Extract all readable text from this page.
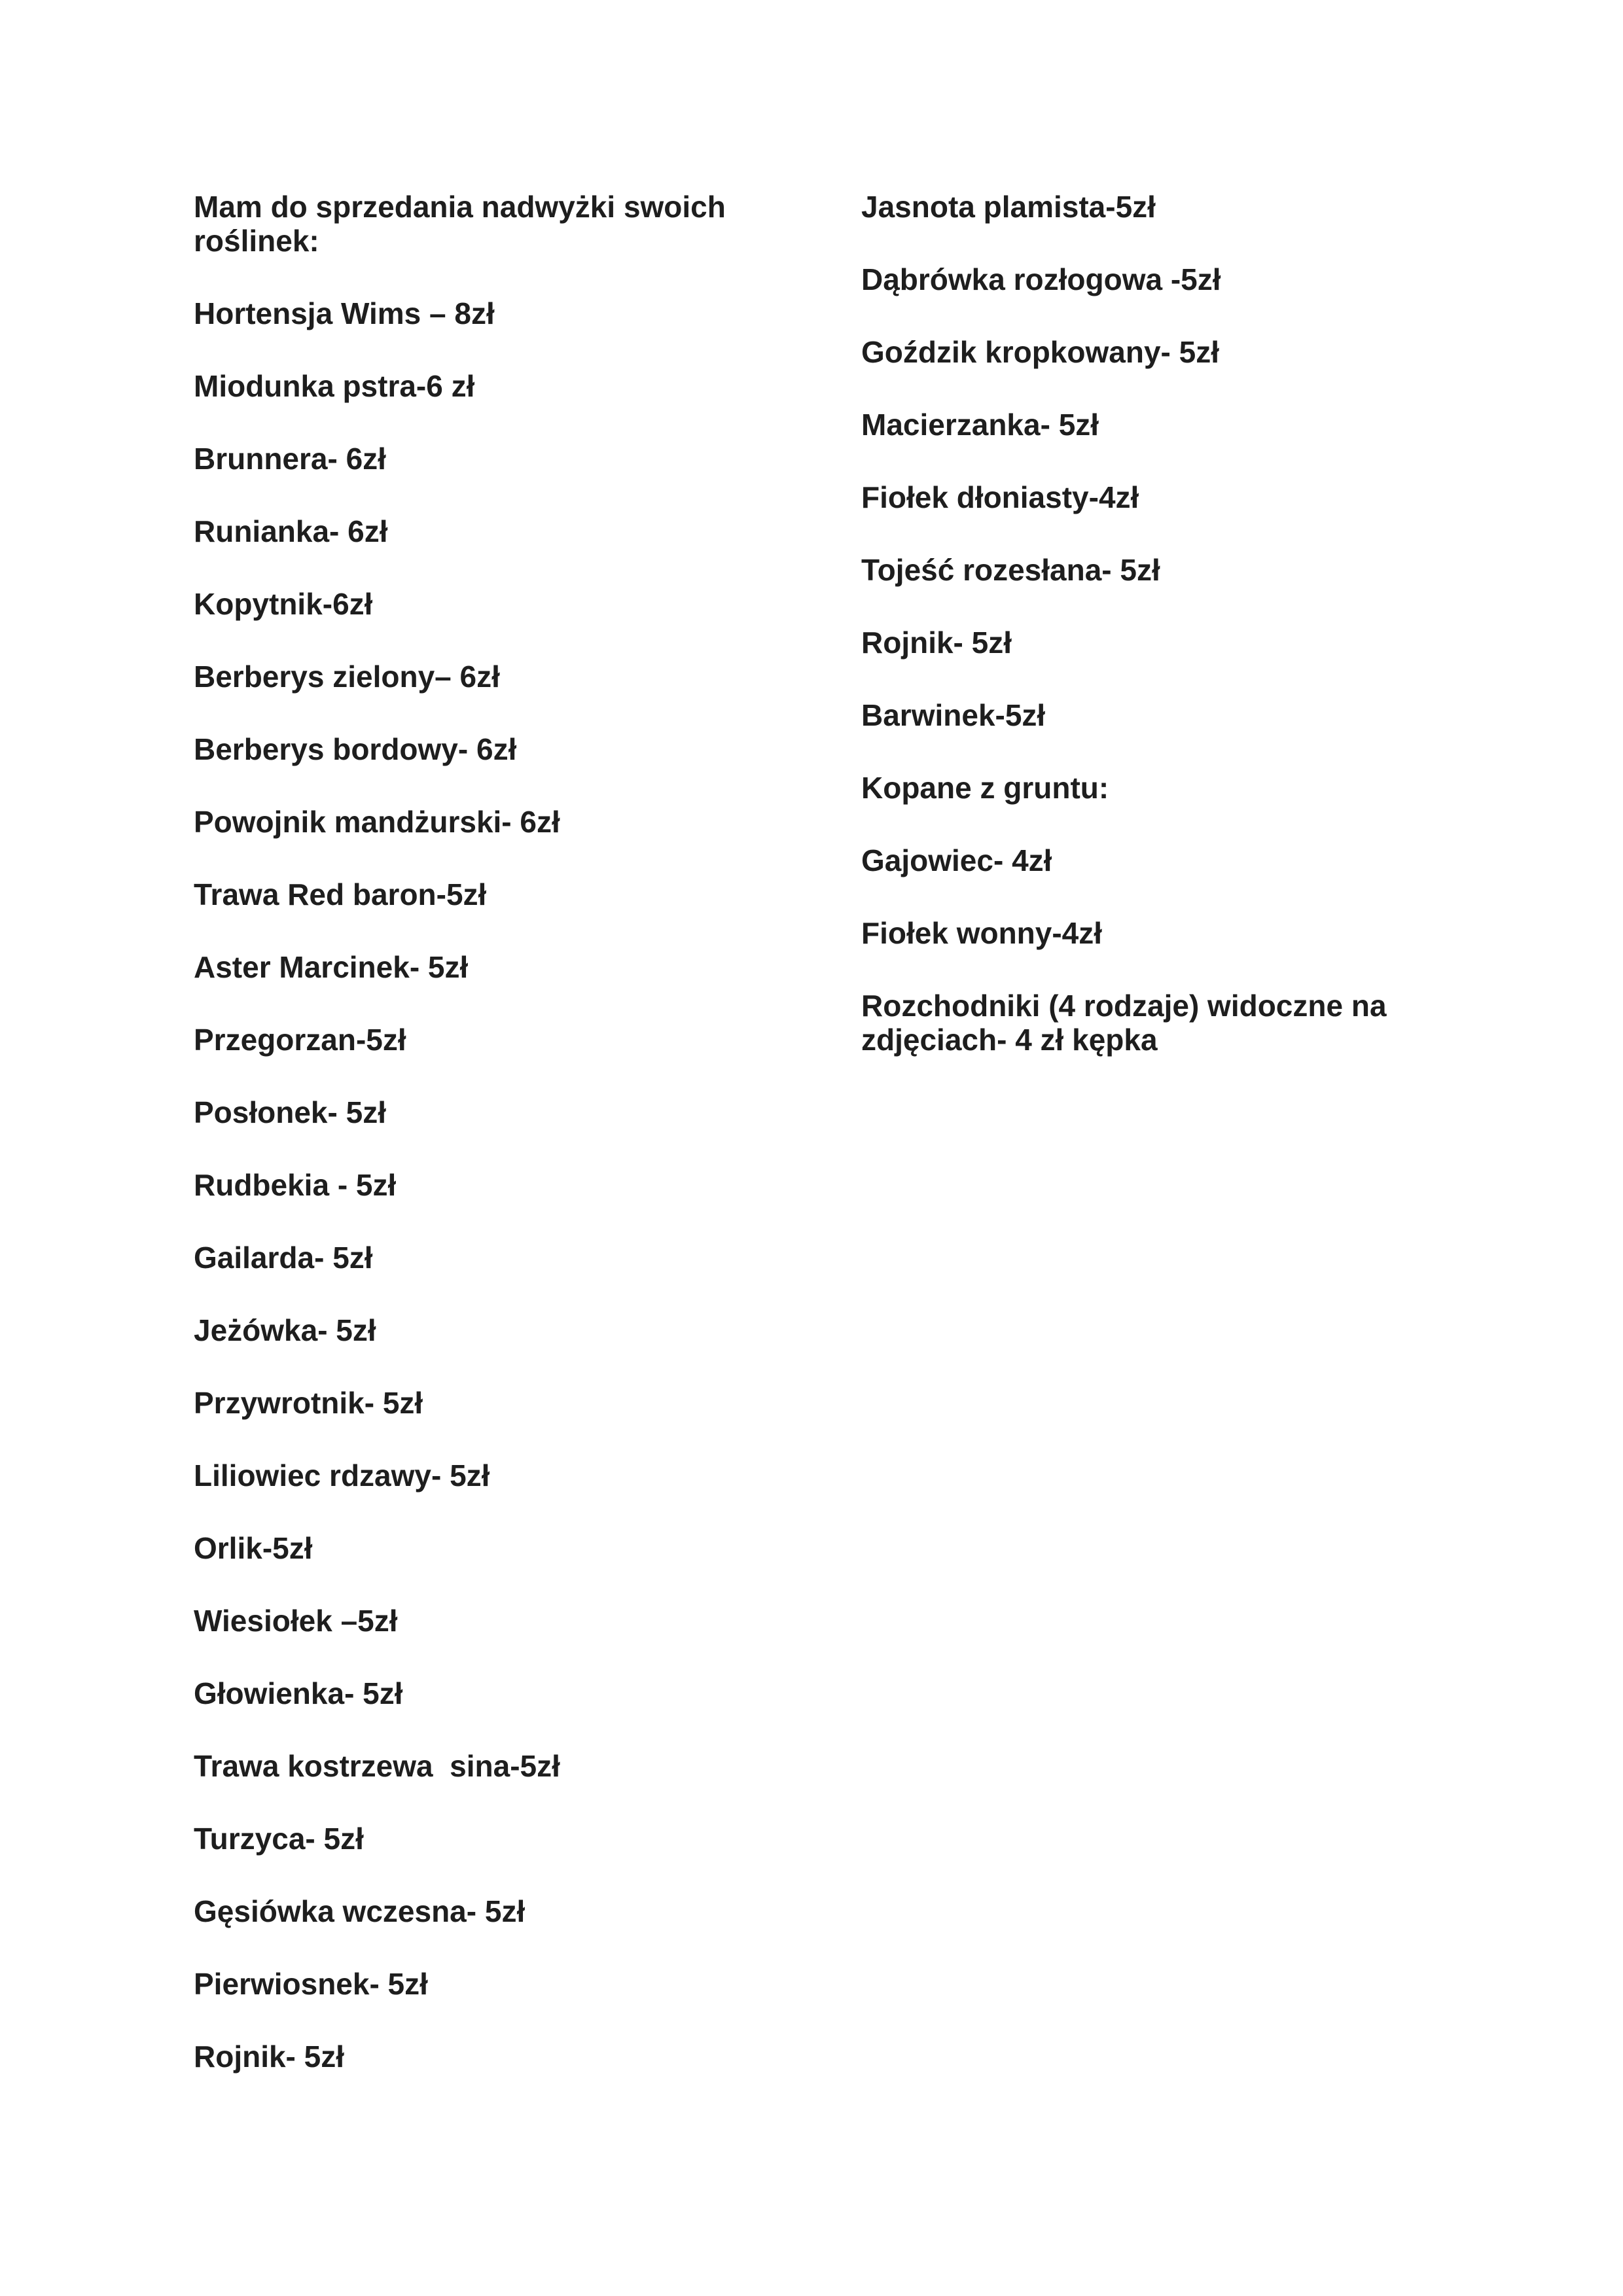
Mam do sprzedania nadwyżki swoich roślinek:
Hortensja Wims – 8zł
Miodunka pstra-6 zł
Brunnera- 6zł
Runianka- 6zł
Kopytnik-6zł
Berberys zielony– 6zł
Berberys bordowy- 6zł
Powojnik mandżurski- 6zł
Trawa Red baron-5zł
Aster Marcinek- 5zł
Przegorzan-5zł
Posłonek- 5zł
Rudbekia - 5zł
Gailarda- 5zł
Jeżówka- 5zł
Przywrotnik- 5zł
Liliowiec rdzawy- 5zł
Orlik-5zł
Wiesiołek –5zł
Głowienka- 5zł
Trawa kostrzewa  sina-5zł
Turzyca- 5zł
Gęsiówka wczesna- 5zł
Pierwiosnek- 5zł
Rojnik- 5zł
Jasnota plamista-5zł
Dąbrówka rozłogowa -5zł
Goździk kropkowany- 5zł
Macierzanka- 5zł
Fiołek dłoniasty-4zł
Tojeść rozesłana- 5zł
Rojnik- 5zł
Barwinek-5zł
Kopane z gruntu:
Gajowiec- 4zł
Fiołek wonny-4zł
Rozchodniki (4 rodzaje) widoczne na zdjęciach- 4 zł kępka
